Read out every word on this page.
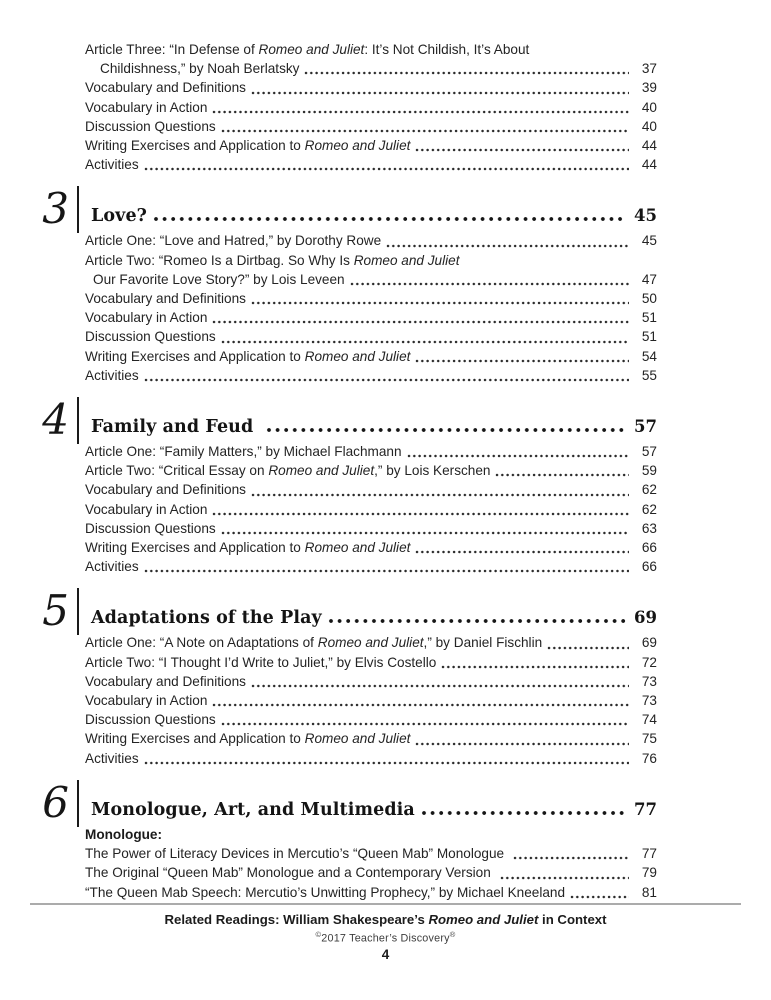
Article Three: “In Defense of Romeo and Juliet: It’s Not Childish, It’s About
Childishness,” by Noah Berlatsky	37
Vocabulary and Definitions	39
Vocabulary in Action	40
Discussion Questions	40
Writing Exercises and Application to Romeo and Juliet	44
Activities	44
3 Love?	45
Article One: “Love and Hatred,” by Dorothy Rowe	45
Article Two: “Romeo Is a Dirtbag. So Why Is Romeo and Juliet
Our Favorite Love Story?” by Lois Leveen	47
Vocabulary and Definitions	50
Vocabulary in Action	51
Discussion Questions	51
Writing Exercises and Application to Romeo and Juliet	54
Activities	55
4 Family and Feud	57
Article One: “Family Matters,” by Michael Flachmann	57
Article Two: “Critical Essay on Romeo and Juliet,” by Lois Kerschen	59
Vocabulary and Definitions	62
Vocabulary in Action	62
Discussion Questions	63
Writing Exercises and Application to Romeo and Juliet	66
Activities	66
5 Adaptations of the Play	69
Article One: “A Note on Adaptations of Romeo and Juliet,” by Daniel Fischlin	69
Article Two: “I Thought I’d Write to Juliet,” by Elvis Costello	72
Vocabulary and Definitions	73
Vocabulary in Action	73
Discussion Questions	74
Writing Exercises and Application to Romeo and Juliet	75
Activities	76
6 Monologue, Art, and Multimedia	77
Monologue:
The Power of Literacy Devices in Mercutio’s “Queen Mab” Monologue	77
The Original “Queen Mab” Monologue and a Contemporary Version	79
“The Queen Mab Speech: Mercutio’s Unwitting Prophecy,” by Michael Kneeland	81
Related Readings: William Shakespeare’s Romeo and Juliet in Context
©2017 Teacher’s Discovery®
4
